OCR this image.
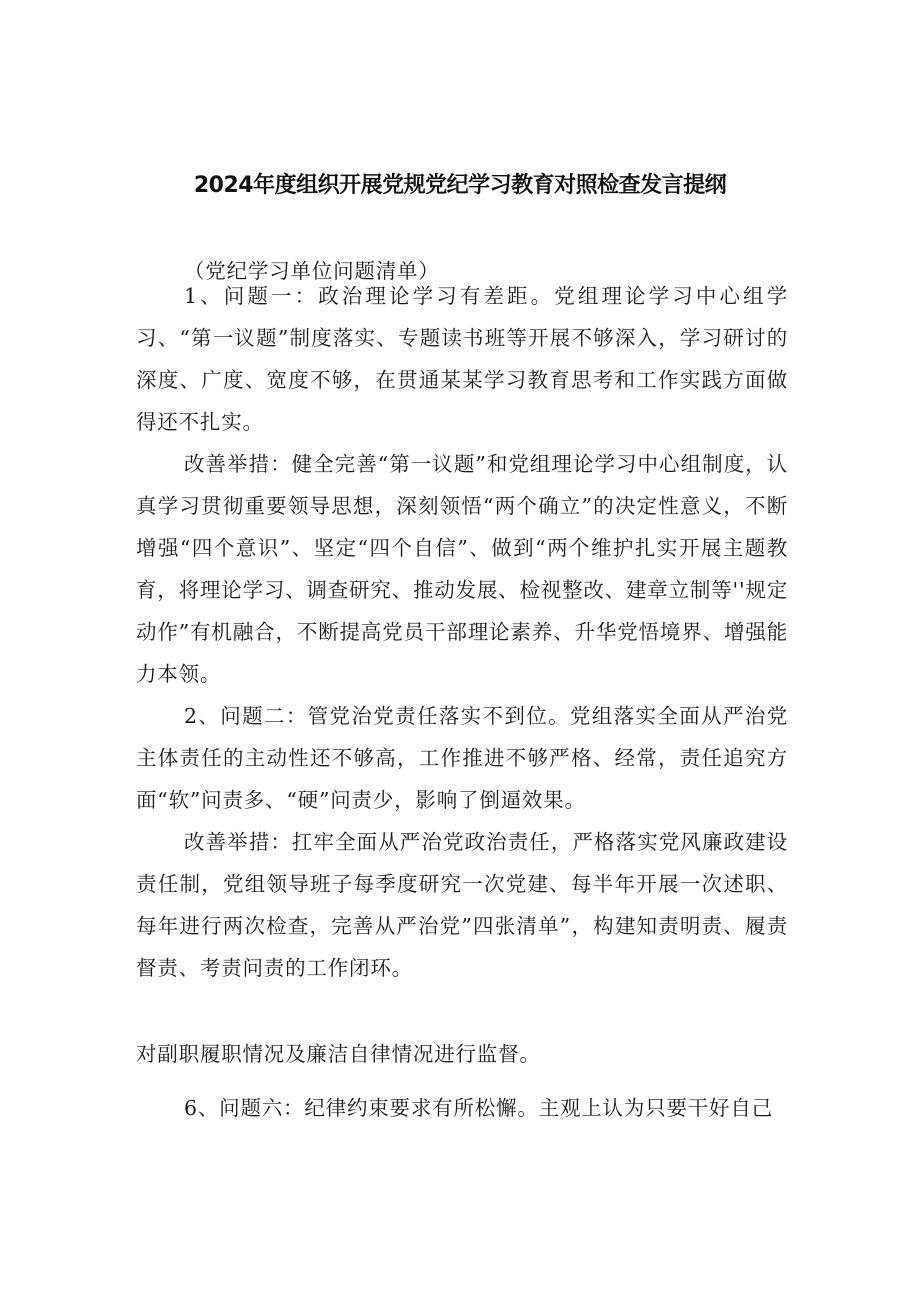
2024年度组织开展党规党纪学习教育对照检查发言提纲
（党纪学习单位问题清单）

1、问题一：政治理论学习有差距。党组理论学习中心组学习、“第一议题”制度落实、专题读书班等开展不够深入，学习研讨的深度、广度、宽度不够，在贯通某某学习教育思考和工作实践方面做得还不扎实。

改善举措：健全完善“第一议题”和党组理论学习中心组制度，认真学习贯彻重要领导思想，深刻领悟“两个确立”的决定性意义，不断增强“四个意识”、坚定“四个自信”、做到“两个维护扎实开展主题教育，将理论学习、调查研究、推动发展、检视整改、建章立制等''规定动作”有机融合，不断提高党员干部理论素养、升华党悟境界、增强能力本领。

2、问题二：管党治党责任落实不到位。党组落实全面从严治党主体责任的主动性还不够高，工作推进不够严格、经常，责任追究方面“软”问责多、“硬”问责少，影响了倒逼效果。

改善举措：扛牢全面从严治党政治责任，严格落实党风廉政建设责任制，党组领导班子每季度研究一次党建、每半年开展一次述职、每年进行两次检查，完善从严治党”四张清单”，构建知责明责、履责督责、考责问责的工作闭环。

对副职履职情况及廉洁自律情况进行监督。

6、问题六：纪律约束要求有所松懈。主观上认为只要干好自己
